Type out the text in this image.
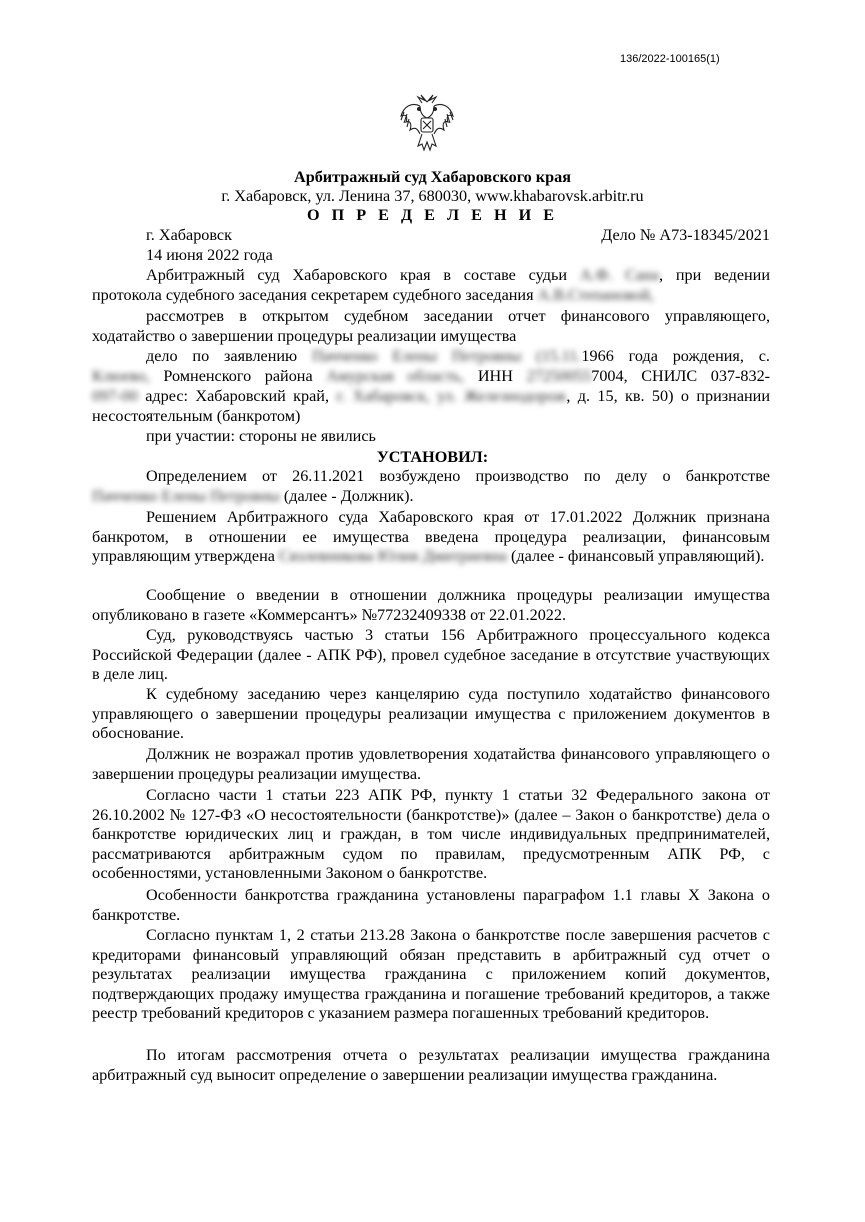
136/2022-100165(1)
Арбитражный суд Хабаровского края
г. Хабаровск, ул. Ленина 37, 680030, www.khabarovsk.arbitr.ru
О П Р Е Д Е Л Е Н И Е
г. Хабаровск	Дело № А73-18345/2021
14 июня 2022 года
Арбитражный суд Хабаровского края в составе судьи А.Ф. Сана, при ведении
протокола судебного заседания секретарем судебного заседания А.В.Степановой,
рассмотрев в открытом судебном заседании отчет финансового управляющего, ходатайство о завершении процедуры реализации имущества
дело по заявлению Пачченко Елены Петровны (15.11.1966 года рождения, с.
Клюево, Ромненского района Амурская область, ИНН 272500557004, СНИЛС 037-832-
097-00 адрес: Хабаровский край, г. Хабаровск, ул. Железнодорож, д. 15, кв. 50) о признании
несостоятельным (банкротом)
при участии: стороны не явились
УСТАНОВИЛ:
Определением от 26.11.2021 возбуждено производство по делу о банкротстве
Пачченко Елены Петровны (далее - Должник).
Решением Арбитражного суда Хабаровского края от 17.01.2022 Должник признана банкротом, в отношении ее имущества введена процедура реализации, финансовым управляющим утверждена Сязлевникова Юлия Дмитриевна (далее - финансовый управляющий).
Сообщение о введении в отношении должника процедуры реализации имущества опубликовано в газете «Коммерсантъ» №77232409338 от 22.01.2022.
Суд, руководствуясь частью 3 статьи 156 Арбитражного процессуального кодекса Российской Федерации (далее - АПК РФ), провел судебное заседание в отсутствие участвующих в деле лиц.
К судебному заседанию через канцелярию суда поступило ходатайство финансового управляющего о завершении процедуры реализации имущества с приложением документов в обоснование.
Должник не возражал против удовлетворения ходатайства финансового управляющего о завершении процедуры реализации имущества.
Согласно части 1 статьи 223 АПК РФ, пункту 1 статьи 32 Федерального закона от 26.10.2002 № 127-ФЗ «О несостоятельности (банкротстве)» (далее – Закон о банкротстве) дела о банкротстве юридических лиц и граждан, в том числе индивидуальных предпринимателей, рассматриваются арбитражным судом по правилам, предусмотренным АПК РФ, с особенностями, установленными Законом о банкротстве.
Особенности банкротства гражданина установлены параграфом 1.1 главы X Закона о банкротстве.
Согласно пунктам 1, 2 статьи 213.28 Закона о банкротстве после завершения расчетов с кредиторами финансовый управляющий обязан представить в арбитражный суд отчет о результатах реализации имущества гражданина с приложением копий документов, подтверждающих продажу имущества гражданина и погашение требований кредиторов, а также реестр требований кредиторов с указанием размера погашенных требований кредиторов.
По итогам рассмотрения отчета о результатах реализации имущества гражданина арбитражный суд выносит определение о завершении реализации имущества гражданина.
